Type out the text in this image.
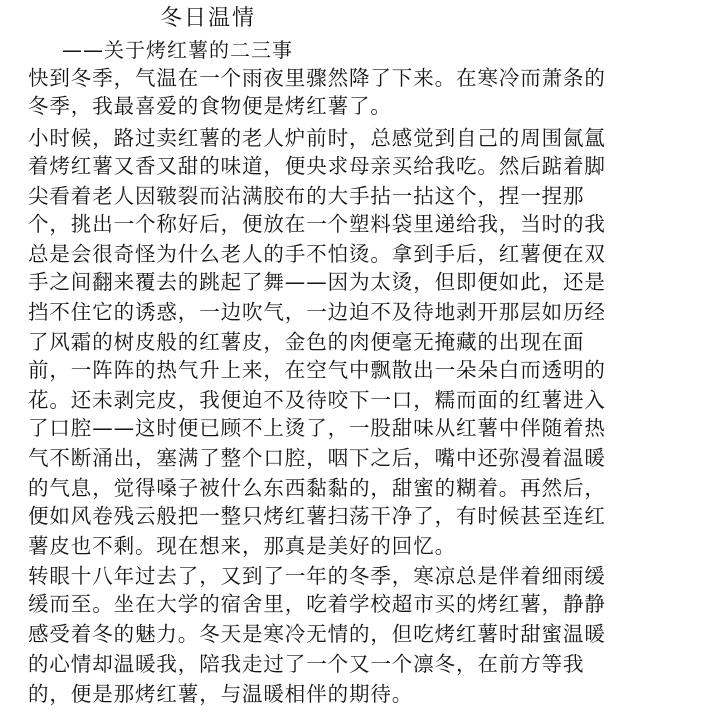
冬日温情
——关于烤红薯的二三事
快到冬季，气温在一个雨夜里骤然降了下来。在寒冷而萧条的
冬季，我最喜爱的食物便是烤红薯了。
小时候，路过卖红薯的老人炉前时，总感觉到自己的周围氤氲
着烤红薯又香又甜的味道，便央求母亲买给我吃。然后踮着脚
尖看着老人因皲裂而沾满胶布的大手拈一拈这个，捏一捏那
个，挑出一个称好后，便放在一个塑料袋里递给我，当时的我
总是会很奇怪为什么老人的手不怕烫。拿到手后，红薯便在双
手之间翻来覆去的跳起了舞——因为太烫，但即便如此，还是
挡不住它的诱惑，一边吹气，一边迫不及待地剥开那层如历经
了风霜的树皮般的红薯皮，金色的肉便毫无掩藏的出现在面
前，一阵阵的热气升上来，在空气中飘散出一朵朵白而透明的
花。还未剥完皮，我便迫不及待咬下一口，糯而面的红薯进入
了口腔——这时便已顾不上烫了，一股甜味从红薯中伴随着热
气不断涌出，塞满了整个口腔，咽下之后，嘴中还弥漫着温暖
的气息，觉得嗓子被什么东西黏黏的，甜蜜的糊着。再然后，
便如风卷残云般把一整只烤红薯扫荡干净了，有时候甚至连红
薯皮也不剩。现在想来，那真是美好的回忆。
转眼十八年过去了，又到了一年的冬季，寒凉总是伴着细雨缓
缓而至。坐在大学的宿舍里，吃着学校超市买的烤红薯，静静
感受着冬的魅力。冬天是寒冷无情的，但吃烤红薯时甜蜜温暖
的心情却温暖我，陪我走过了一个又一个凛冬，在前方等我
的，便是那烤红薯，与温暖相伴的期待。
